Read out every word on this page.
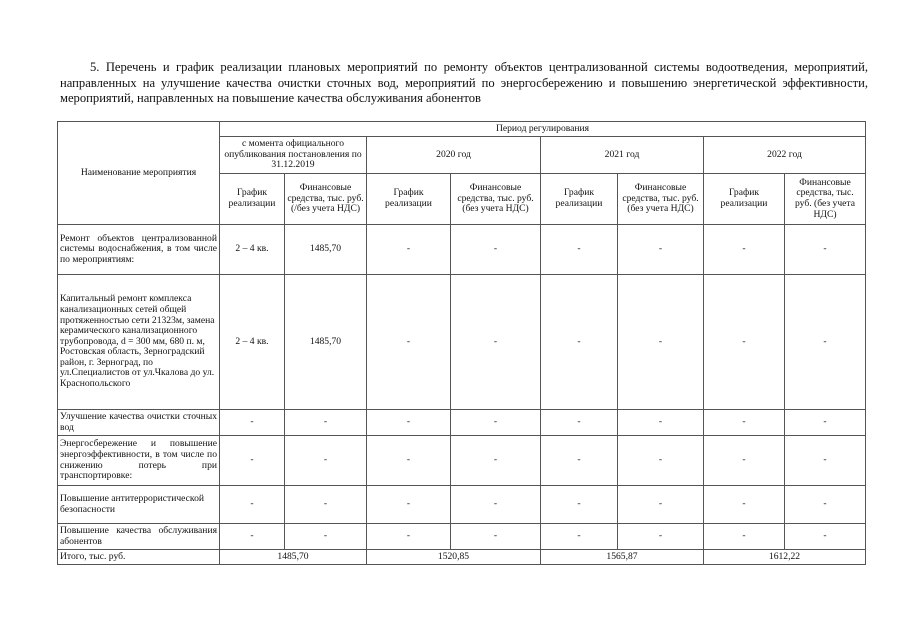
5. Перечень и график реализации плановых мероприятий по ремонту объектов централизованной системы водоотведения, мероприятий, направленных на улучшение качества очистки сточных вод, мероприятий по энергосбережению и повышению энергетической эффективности, мероприятий, направленных на повышение качества обслуживания абонентов
Наименование мероприятия	Период регулирования							
	с момента официального опубликования постановления по 31.12.2019		2020 год		2021 год		2022 год	
	График реализации	Финансовые средства, тыс. руб. (/без учета НДС)	График реализации	Финансовые средства, тыс. руб. (без учета НДС)	График реализации	Финансовые средства, тыс. руб. (без учета НДС)	График реализации	Финансовые средства, тыс. руб. (без учета НДС)
Ремонт объектов централизованной системы водоснабжения, в том числе по мероприятиям:	2 – 4 кв.	1485,70	-	-	-	-	-	-
Капитальный ремонт комплекса канализационных сетей общей протяженностью сети 21323м, замена керамического канализационного трубопровода, d = 300 мм, 680 п. м, Ростовская область, Зерноградский район, г. Зерноград, по ул.Специалистов от ул.Чкалова до ул. Краснопольского	2 – 4 кв.	1485,70	-	-	-	-	-	-
Улучшение качества очистки сточных вод	-	-	-	-	-	-	-	-
Энергосбережение и повышение энергоэффективности, в том числе по снижению потерь при транспортировке:	-	-	-	-	-	-	-	-
Повышение антитеррористической безопасности	-	-	-	-	-	-	-	-
Повышение качества обслуживания абонентов	-	-	-	-	-	-	-	-
Итого, тыс. руб.	1485,70		1520,85		1565,87		1612,22	
